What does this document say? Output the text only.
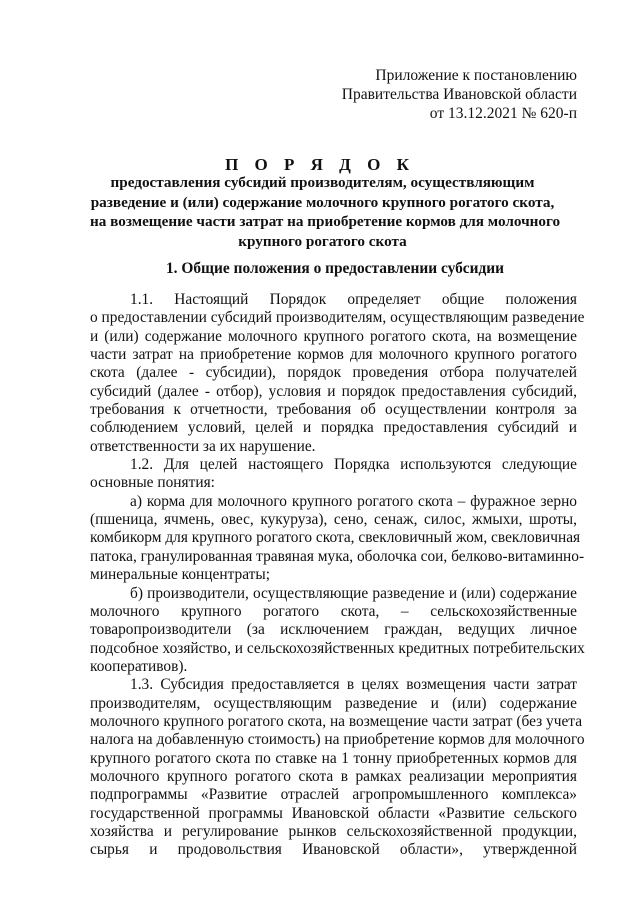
Приложение к постановлению
Правительства Ивановской области
от 13.12.2021 № 620-п
П О Р Я Д О К
предоставления субсидий производителям, осуществляющим
разведение и (или) содержание молочного крупного рогатого скота,
на возмещение части затрат на приобретение кормов для молочного
крупного рогатого скота
1. Общие положения о предоставлении субсидии
1.1. Настоящий Порядок определяет общие положения
о предоставлении субсидий производителям, осуществляющим разведение
и (или) содержание молочного крупного рогатого скота, на возмещение
части затрат на приобретение кормов для молочного крупного рогатого
скота (далее - субсидии), порядок проведения отбора получателей
субсидий (далее - отбор), условия и порядок предоставления субсидий,
требования к отчетности, требования об осуществлении контроля за
соблюдением условий, целей и порядка предоставления субсидий и
ответственности за их нарушение.
1.2. Для целей настоящего Порядка используются следующие
основные понятия:
а) корма для молочного крупного рогатого скота – фуражное зерно
(пшеница, ячмень, овес, кукуруза), сено, сенаж, силос, жмыхи, шроты,
комбикорм для крупного рогатого скота, свекловичный жом, свекловичная
патока, гранулированная травяная мука, оболочка сои, белково-витаминно-
минеральные концентраты;
б) производители, осуществляющие разведение и (или) содержание
молочного крупного рогатого скота, – сельскохозяйственные
товаропроизводители (за исключением граждан, ведущих личное
подсобное хозяйство, и сельскохозяйственных кредитных потребительских
кооперативов).
1.3. Субсидия предоставляется в целях возмещения части затрат
производителям, осуществляющим разведение и (или) содержание
молочного крупного рогатого скота, на возмещение части затрат (без учета
налога на добавленную стоимость) на приобретение кормов для молочного
крупного рогатого скота по ставке на 1 тонну приобретенных кормов для
молочного крупного рогатого скота в рамках реализации мероприятия
подпрограммы «Развитие отраслей агропромышленного комплекса»
государственной программы Ивановской области «Развитие сельского
хозяйства и регулирование рынков сельскохозяйственной продукции,
сырья и продовольствия Ивановской области», утвержденной
